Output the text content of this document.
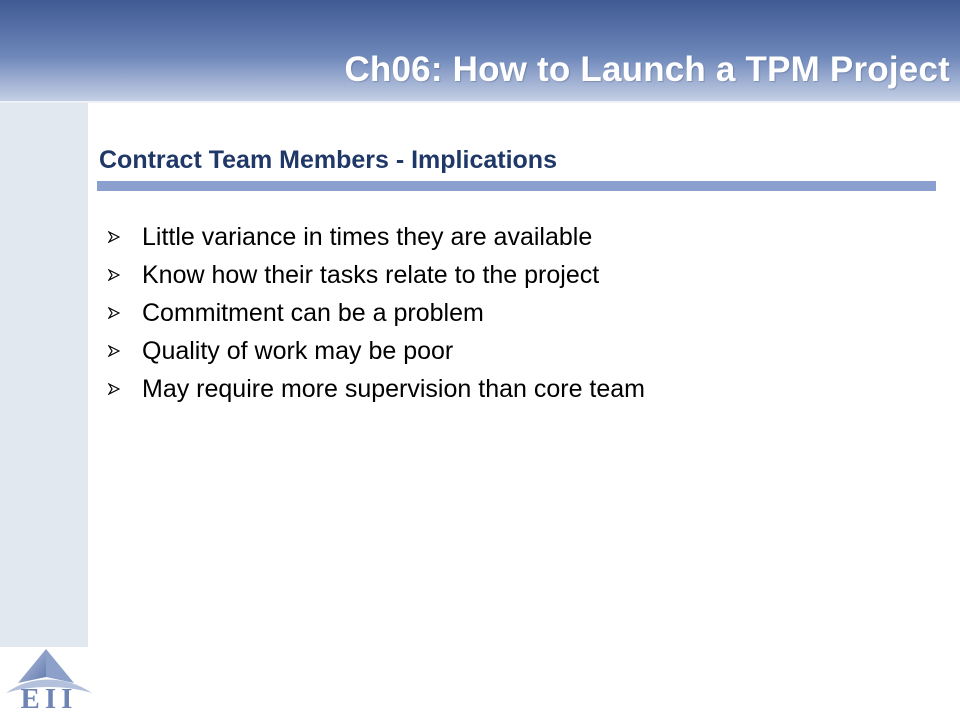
Ch06: How to Launch a TPM Project
Contract Team Members - Implications
Little variance in times they are available
Know how their tasks relate to the project
Commitment can be a problem
Quality of work may be poor
May require more supervision than core team
EII
